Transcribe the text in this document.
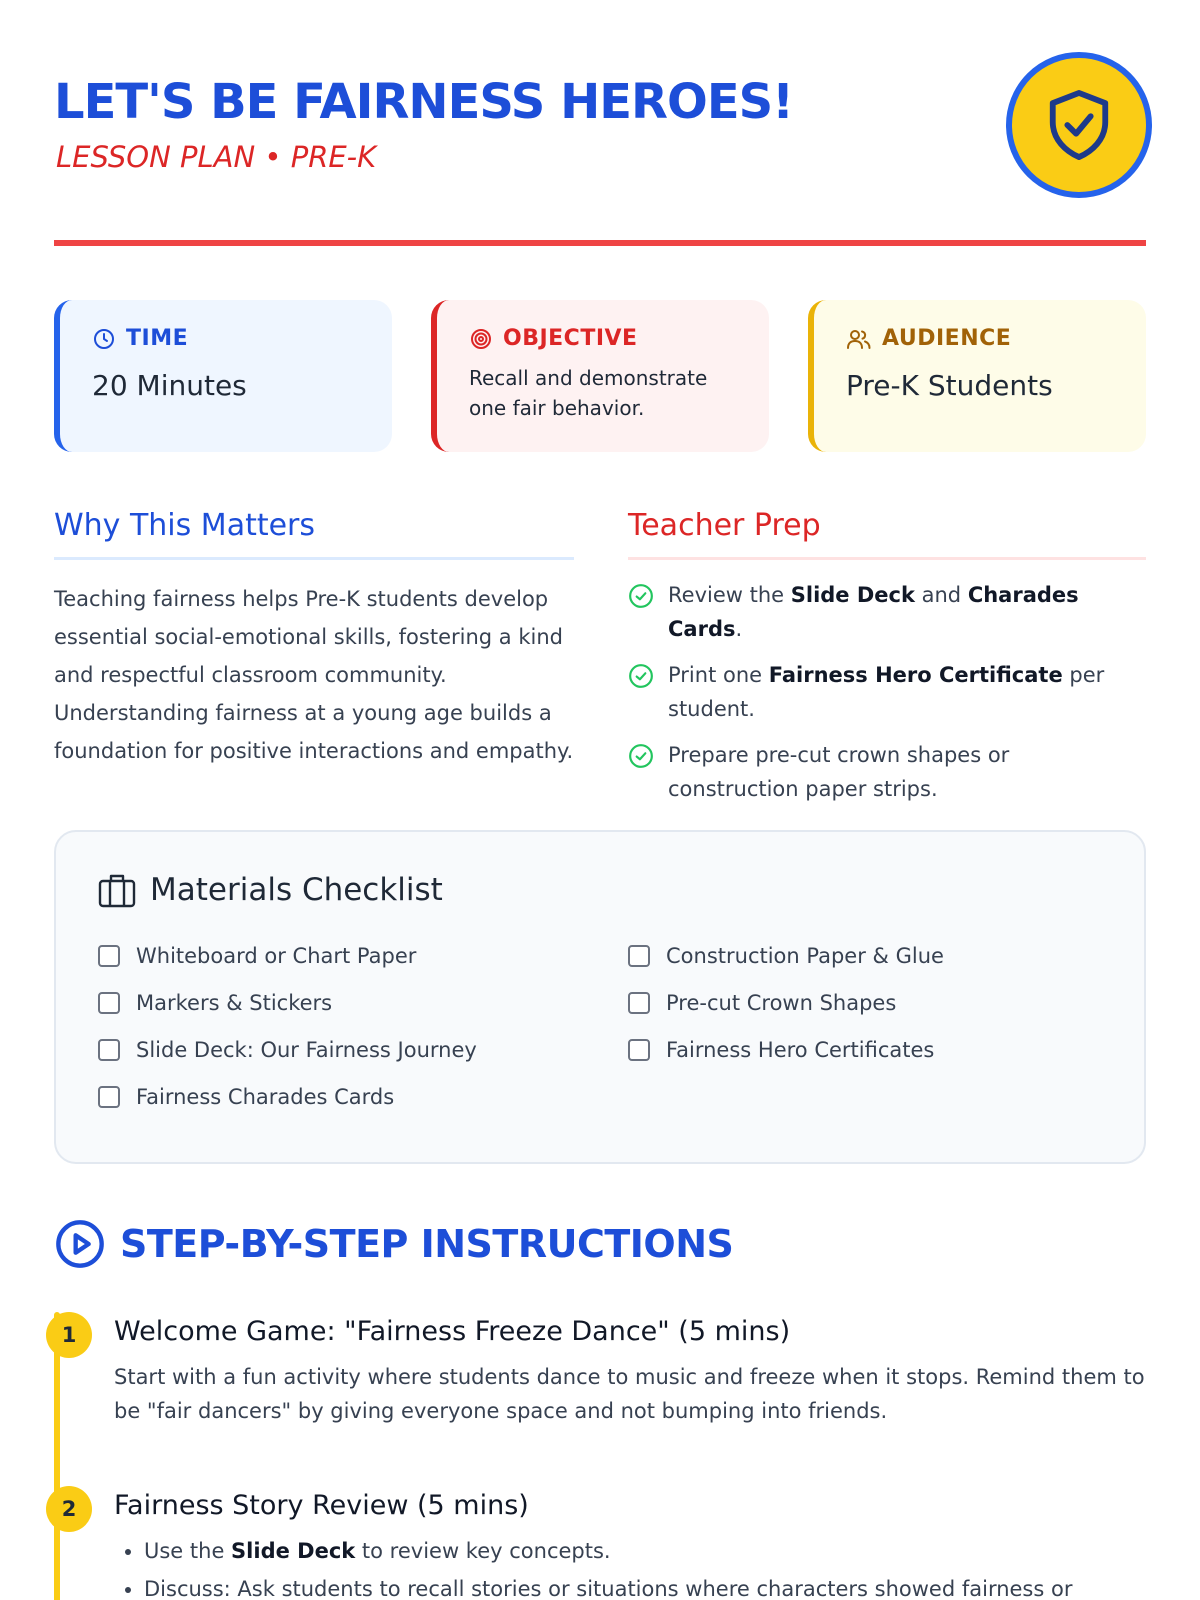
LET'S BE FAIRNESS HEROES!
LESSON PLAN • PRE-K
TIME
20 Minutes
OBJECTIVE
Recall and demonstrate
one fair behavior.
AUDIENCE
Pre-K Students
Why This Matters

Teaching fairness helps Pre-K students develop essential social-emotional skills, fostering a kind and respectful classroom community. Understanding fairness at a young age builds a foundation for positive interactions and empathy.

Teacher Prep
Review the Slide Deck and Charades Cards.
Print one Fairness Hero Certificate per student.
Prepare pre-cut crown shapes or construction paper strips.
Materials Checklist
Whiteboard or Chart Paper
Markers & Stickers
Slide Deck: Our Fairness Journey
Fairness Charades Cards
Construction Paper & Glue
Pre-cut Crown Shapes
Fairness Hero Certificates
STEP-BY-STEP INSTRUCTIONS
1	Welcome Game: "Fairness Freeze Dance" (5 mins)

Start with a fun activity where students dance to music and freeze when it stops. Remind them to be "fair dancers" by giving everyone space and not bumping into friends.

2	Fairness Story Review (5 mins)
• Use the Slide Deck to review key concepts.
• Discuss: Ask students to recall stories or situations where characters showed fairness or
